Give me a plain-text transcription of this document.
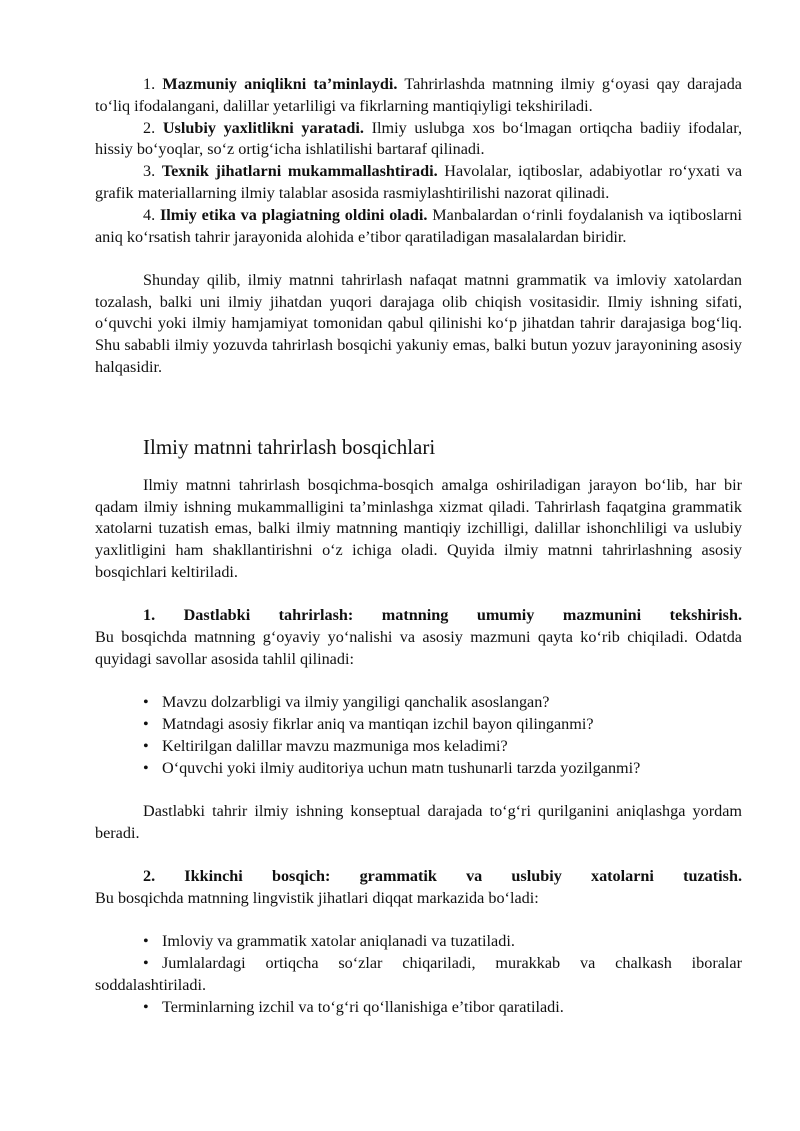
1. Mazmuniy aniqlikni ta’minlaydi. Tahrirlashda matnning ilmiy g‘oyasi qay darajada to‘liq ifodalangani, dalillar yetarliligi va fikrlarning mantiqiyligi tekshiriladi.

2. Uslubiy yaxlitlikni yaratadi. Ilmiy uslubga xos bo‘lmagan ortiqcha badiiy ifodalar, hissiy bo‘yoqlar, so‘z ortig‘icha ishlatilishi bartaraf qilinadi.

3. Texnik jihatlarni mukammallashtiradi. Havolalar, iqtiboslar, adabiyotlar ro‘yxati va grafik materiallarning ilmiy talablar asosida rasmiylashtirilishi nazorat qilinadi.

4. Ilmiy etika va plagiatning oldini oladi. Manbalardan o‘rinli foydalanish va iqtiboslarni aniq ko‘rsatish tahrir jarayonida alohida e’tibor qaratiladigan masalalardan biridir.

Shunday qilib, ilmiy matnni tahrirlash nafaqat matnni grammatik va imloviy xatolardan tozalash, balki uni ilmiy jihatdan yuqori darajaga olib chiqish vositasidir. Ilmiy ishning sifati, o‘quvchi yoki ilmiy hamjamiyat tomonidan qabul qilinishi ko‘p jihatdan tahrir darajasiga bog‘liq. Shu sababli ilmiy yozuvda tahrirlash bosqichi yakuniy emas, balki butun yozuv jarayonining asosiy halqasidir.

Ilmiy matnni tahrirlash bosqichlari

Ilmiy matnni tahrirlash bosqichma-bosqich amalga oshiriladigan jarayon bo‘lib, har bir qadam ilmiy ishning mukammalligini ta’minlashga xizmat qiladi. Tahrirlash faqatgina grammatik xatolarni tuzatish emas, balki ilmiy matnning mantiqiy izchilligi, dalillar ishonchliligi va uslubiy yaxlitligini ham shakllantirishni o‘z ichiga oladi. Quyida ilmiy matnni tahrirlashning asosiy bosqichlari keltiriladi.

1. Dastlabki tahrirlash: matnning umumiy mazmunini tekshirish.

Bu bosqichda matnning g‘oyaviy yo‘nalishi va asosiy mazmuni qayta ko‘rib chiqiladi. Odatda quyidagi savollar asosida tahlil qilinadi:

• Mavzu dolzarbligi va ilmiy yangiligi qanchalik asoslangan?
• Matndagi asosiy fikrlar aniq va mantiqan izchil bayon qilinganmi?
• Keltirilgan dalillar mavzu mazmuniga mos keladimi?
• O‘quvchi yoki ilmiy auditoriya uchun matn tushunarli tarzda yozilganmi?

Dastlabki tahrir ilmiy ishning konseptual darajada to‘g‘ri qurilganini aniqlashga yordam beradi.

2. Ikkinchi bosqich: grammatik va uslubiy xatolarni tuzatish.

Bu bosqichda matnning lingvistik jihatlari diqqat markazida bo‘ladi:

• Imloviy va grammatik xatolar aniqlanadi va tuzatiladi.
• Jumlalardagi ortiqcha so‘zlar chiqariladi, murakkab va chalkash iboralar soddalashtiriladi.
• Terminlarning izchil va to‘g‘ri qo‘llanishiga e’tibor qaratiladi.
